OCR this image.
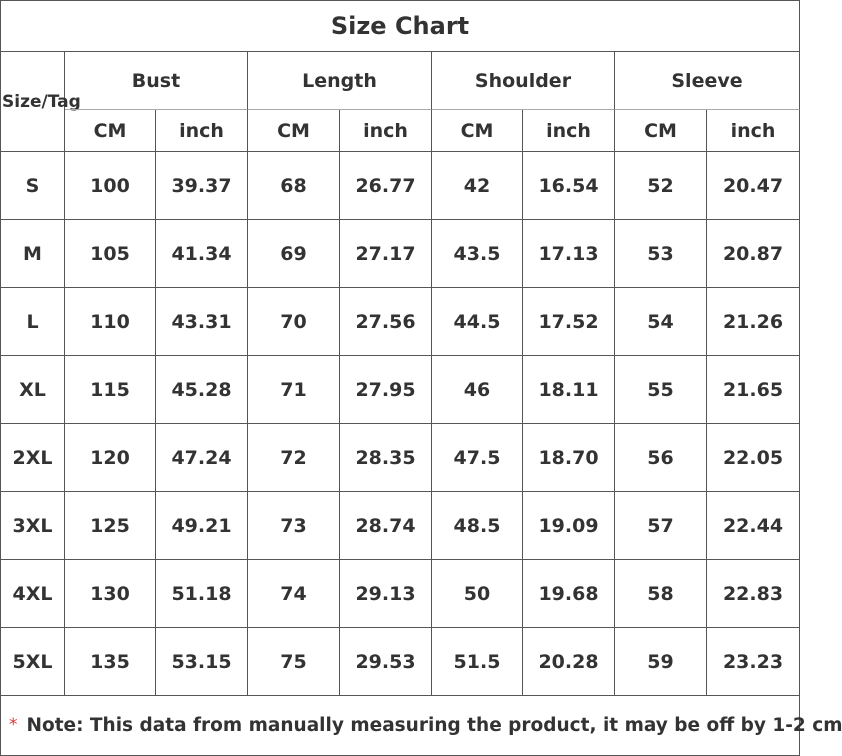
Size Chart
* Note: This data from manually measuring the product, it may be off by 1-2 cm
Size/Tag
Bust
CM	inch
Length
CM	inch
Shoulder
CM	inch
Sleeve
CM	inch
S	100	39.37	68	26.77	42	16.54	52	20.47
M	105	41.34	69	27.17	43.5	17.13	53	20.87
L	110	43.31	70	27.56	44.5	17.52	54	21.26
XL	115	45.28	71	27.95	46	18.11	55	21.65
2XL	120	47.24	72	28.35	47.5	18.70	56	22.05
3XL	125	49.21	73	28.74	48.5	19.09	57	22.44
4XL	130	51.18	74	29.13	50	19.68	58	22.83
5XL	135	53.15	75	29.53	51.5	20.28	59	23.23
